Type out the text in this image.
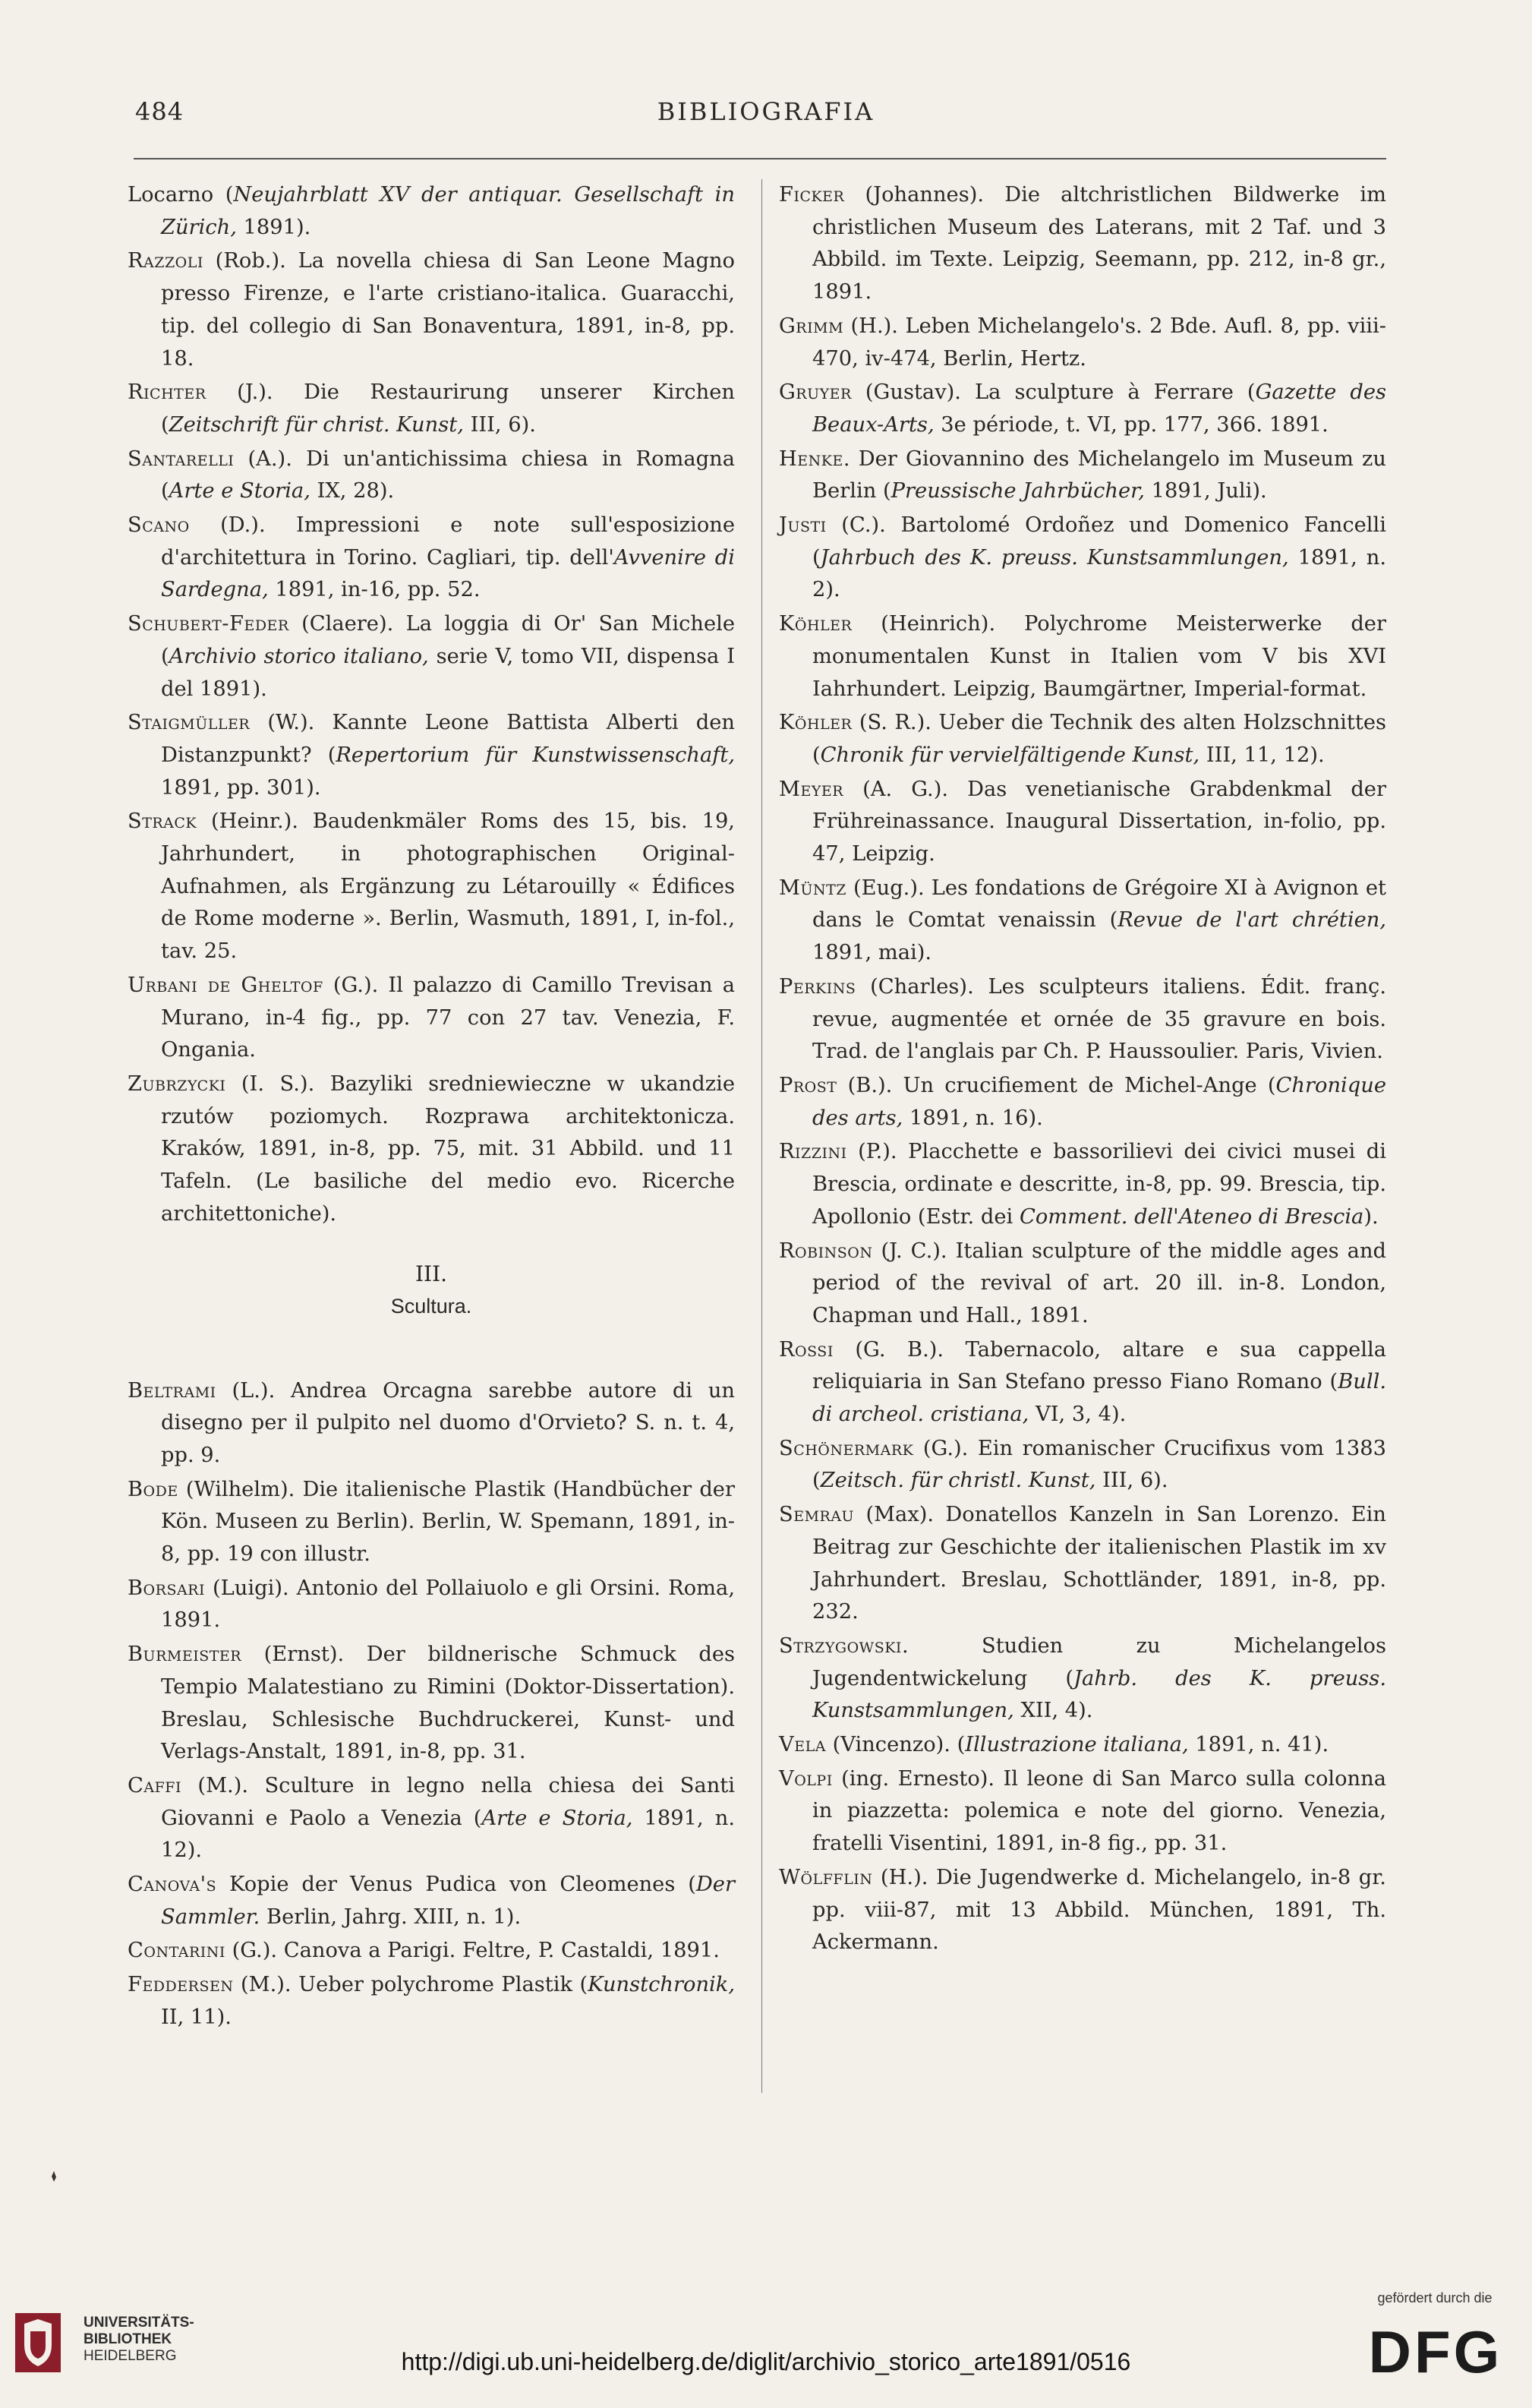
484	BIBLIOGRAFIA

Locarno (Neujahrblatt XV der antiquar. Gesellschaft in Zürich, 1891).

Razzoli (Rob.). La novella chiesa di San Leone Magno presso Firenze, e l'arte cristiano-italica. Guaracchi, tip. del collegio di San Bonaventura, 1891, in-8, pp. 18.

Richter (J.). Die Restaurirung unserer Kirchen (Zeitschrift für christ. Kunst, III, 6).

Santarelli (A.). Di un'antichissima chiesa in Romagna (Arte e Storia, IX, 28).

Scano (D.). Impressioni e note sull'esposizione d'architettura in Torino. Cagliari, tip. dell'Avvenire di Sardegna, 1891, in-16, pp. 52.

Schubert-Feder (Claere). La loggia di Or' San Michele (Archivio storico italiano, serie V, tomo VII, dispensa I del 1891).

Staigmüller (W.). Kannte Leone Battista Alberti den Distanzpunkt? (Repertorium für Kunstwissenschaft, 1891, pp. 301).

Strack (Heinr.). Baudenkmäler Roms des 15, bis. 19, Jahrhundert, in photographischen Original-Aufnahmen, als Ergänzung zu Létarouilly « Édifices de Rome moderne ». Berlin, Wasmuth, 1891, I, in-fol., tav. 25.

Urbani de Gheltof (G.). Il palazzo di Camillo Trevisan a Murano, in-4 fig., pp. 77 con 27 tav. Venezia, F. Ongania.

Zubrzycki (I. S.). Bazyliki sredniewieczne w ukandzie rzutów poziomych. Rozprawa architektonicza. Kraków, 1891, in-8, pp. 75, mit. 31 Abbild. und 11 Tafeln. (Le basiliche del medio evo. Ricerche architettoniche).

III.
Scultura.

Beltrami (L.). Andrea Orcagna sarebbe autore di un disegno per il pulpito nel duomo d'Orvieto? S. n. t. 4, pp. 9.

Bode (Wilhelm). Die italienische Plastik (Handbücher der Kön. Museen zu Berlin). Berlin, W. Spemann, 1891, in-8, pp. 19 con illustr.

Borsari (Luigi). Antonio del Pollaiuolo e gli Orsini. Roma, 1891.

Burmeister (Ernst). Der bildnerische Schmuck des Tempio Malatestiano zu Rimini (Doktor-Dissertation). Breslau, Schlesische Buchdruckerei, Kunst- und Verlags-Anstalt, 1891, in-8, pp. 31.

Caffi (M.). Sculture in legno nella chiesa dei Santi Giovanni e Paolo a Venezia (Arte e Storia, 1891, n. 12).

Canova's Kopie der Venus Pudica von Cleomenes (Der Sammler. Berlin, Jahrg. XIII, n. 1).

Contarini (G.). Canova a Parigi. Feltre, P. Castaldi, 1891.

Feddersen (M.). Ueber polychrome Plastik (Kunstchronik, II, 11).

Ficker (Johannes). Die altchristlichen Bildwerke im christlichen Museum des Laterans, mit 2 Taf. und 3 Abbild. im Texte. Leipzig, Seemann, pp. 212, in-8 gr., 1891.

Grimm (H.). Leben Michelangelo's. 2 Bde. Aufl. 8, pp. viii-470, iv-474, Berlin, Hertz.

Gruyer (Gustav). La sculpture à Ferrare (Gazette des Beaux-Arts, 3e période, t. VI, pp. 177, 366. 1891.

Henke. Der Giovannino des Michelangelo im Museum zu Berlin (Preussische Jahrbücher, 1891, Juli).

Justi (C.). Bartolomé Ordoñez und Domenico Fancelli (Jahrbuch des K. preuss. Kunstsammlungen, 1891, n. 2).

Köhler (Heinrich). Polychrome Meisterwerke der monumentalen Kunst in Italien vom V bis XVI Iahrhundert. Leipzig, Baumgärtner, Imperial-format.

Köhler (S. R.). Ueber die Technik des alten Holzschnittes (Chronik für vervielfältigende Kunst, III, 11, 12).

Meyer (A. G.). Das venetianische Grabdenkmal der Frühreinassance. Inaugural Dissertation, in-folio, pp. 47, Leipzig.

Müntz (Eug.). Les fondations de Grégoire XI à Avignon et dans le Comtat venaissin (Revue de l'art chrétien, 1891, mai).

Perkins (Charles). Les sculpteurs italiens. Édit. franç. revue, augmentée et ornée de 35 gravure en bois. Trad. de l'anglais par Ch. P. Haussoulier. Paris, Vivien.

Prost (B.). Un crucifiement de Michel-Ange (Chronique des arts, 1891, n. 16).

Rizzini (P.). Placchette e bassorilievi dei civici musei di Brescia, ordinate e descritte, in-8, pp. 99. Brescia, tip. Apollonio (Estr. dei Comment. dell'Ateneo di Brescia).

Robinson (J. C.). Italian sculpture of the middle ages and period of the revival of art. 20 ill. in-8. London, Chapman und Hall., 1891.

Rossi (G. B.). Tabernacolo, altare e sua cappella reliquiaria in San Stefano presso Fiano Romano (Bull. di archeol. cristiana, VI, 3, 4).

Schönermark (G.). Ein romanischer Crucifixus vom 1383 (Zeitsch. für christl. Kunst, III, 6).

Semrau (Max). Donatellos Kanzeln in San Lorenzo. Ein Beitrag zur Geschichte der italienischen Plastik im xv Jahrhundert. Breslau, Schottländer, 1891, in-8, pp. 232.

Strzygowski. Studien zu Michelangelos Jugendentwickelung (Jahrb. des K. preuss. Kunstsammlungen, XII, 4).

Vela (Vincenzo). (Illustrazione italiana, 1891, n. 41).

Volpi (ing. Ernesto). Il leone di San Marco sulla colonna in piazzetta: polemica e note del giorno. Venezia, fratelli Visentini, 1891, in-8 fig., pp. 31.

Wölfflin (H.). Die Jugendwerke d. Michelangelo, in-8 gr. pp. viii-87, mit 13 Abbild. München, 1891, Th. Ackermann.

UNIVERSITÄTS-
BIBLIOTHEK
HEIDELBERG	http://digi.ub.uni-heidelberg.de/diglit/archivio_storico_arte1891/0516
gefördert durch die
DFG
